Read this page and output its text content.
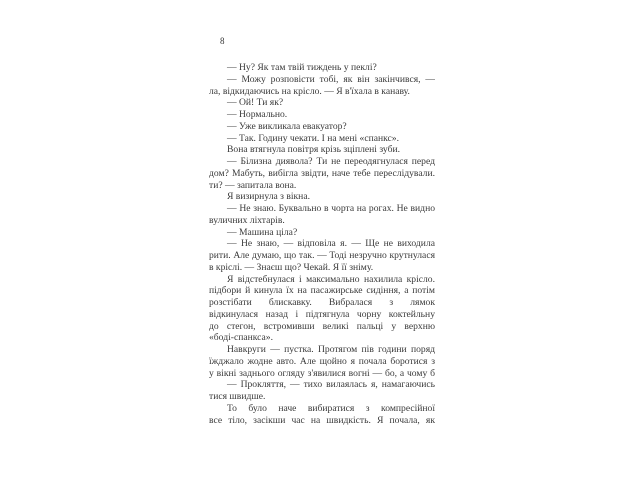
8
— Ну? Як там твій тиждень у пеклі?
— Можу розповісти тобі, як він закінчився, —
ла, відкидаючись на крісло. — Я в'їхала в канаву.
— Ой! Ти як?
— Нормально.
— Уже викликала евакуатор?
— Так. Годину чекати. І на мені «спанкс».
Вона втягнула повітря крізь зціплені зуби.
— Білизна диявола? Ти не переодягнулася перед
дом? Мабуть, вибігла звідти, наче тебе переслідували.
ти? — запитала вона.
Я визирнула з вікна.
— Не знаю. Буквально в чорта на рогах. Не видно
вуличних ліхтарів.
— Машина ціла?
— Не знаю, — відповіла я. — Ще не виходила
рити. Але думаю, що так. — Тоді незручно крутнулася
в кріслі. — Знаєш що? Чекай. Я її зніму.
Я відстебнулася і максимально нахилила крісло.
підбори й кинула їх на пасажирське сидіння, а потім
розстібати блискавку. Вибралася з лямок
відкинулася назад і підтягнула чорну коктейльну
до стегон, встромивши великі пальці у верхню
«боді-спанкса».
Навкруги — пустка. Протягом пів години поряд
їжджало жодне авто. Але щойно я почала боротися з
у вікні заднього огляду з'явилися вогні — бо, а чому б
— Прокляття, — тихо вилаялась я, намагаючись
тися швидше.
То було наче вибиратися з компресійної
все тіло, засікши час на швидкість. Я почала, як
